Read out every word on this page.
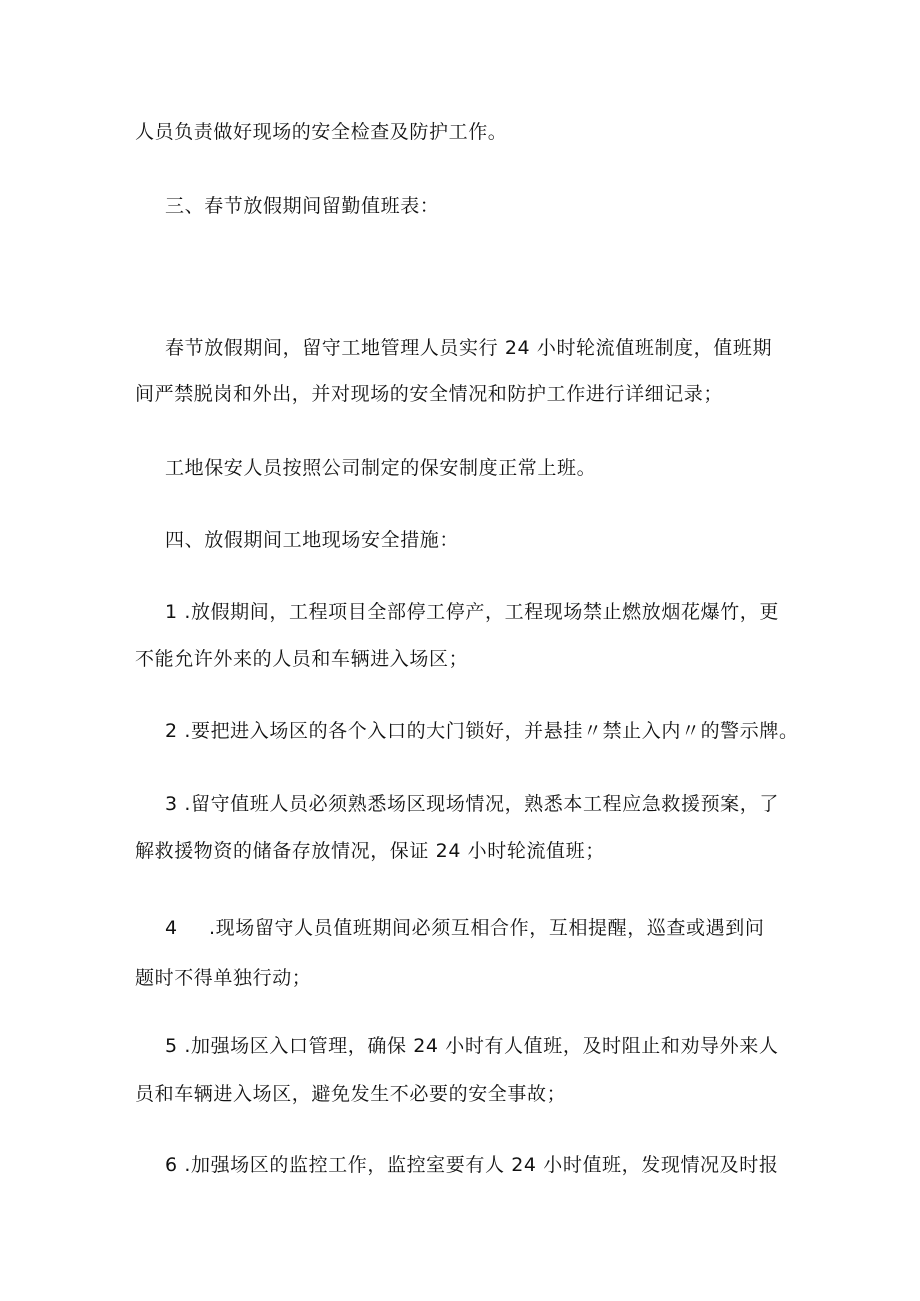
人员负责做好现场的安全检查及防护工作。
三、春节放假期间留勤值班表：
春节放假期间，留守工地管理人员实行 24 小时轮流值班制度，值班期
间严禁脱岗和外出，并对现场的安全情况和防护工作进行详细记录；
工地保安人员按照公司制定的保安制度正常上班。
四、放假期间工地现场安全措施：
1 .放假期间，工程项目全部停工停产，工程现场禁止燃放烟花爆竹，更
不能允许外来的人员和车辆进入场区；
2 .要把进入场区的各个入口的大门锁好，并悬挂〃禁止入内〃的警示牌。
3 .留守值班人员必须熟悉场区现场情况，熟悉本工程应急救援预案，了
解救援物资的储备存放情况，保证 24 小时轮流值班；
4 .现场留守人员值班期间必须互相合作，互相提醒，巡查或遇到问
题时不得单独行动；
5 .加强场区入口管理，确保 24 小时有人值班，及时阻止和劝导外来人
员和车辆进入场区，避免发生不必要的安全事故；
6 .加强场区的监控工作，监控室要有人 24 小时值班，发现情况及时报
